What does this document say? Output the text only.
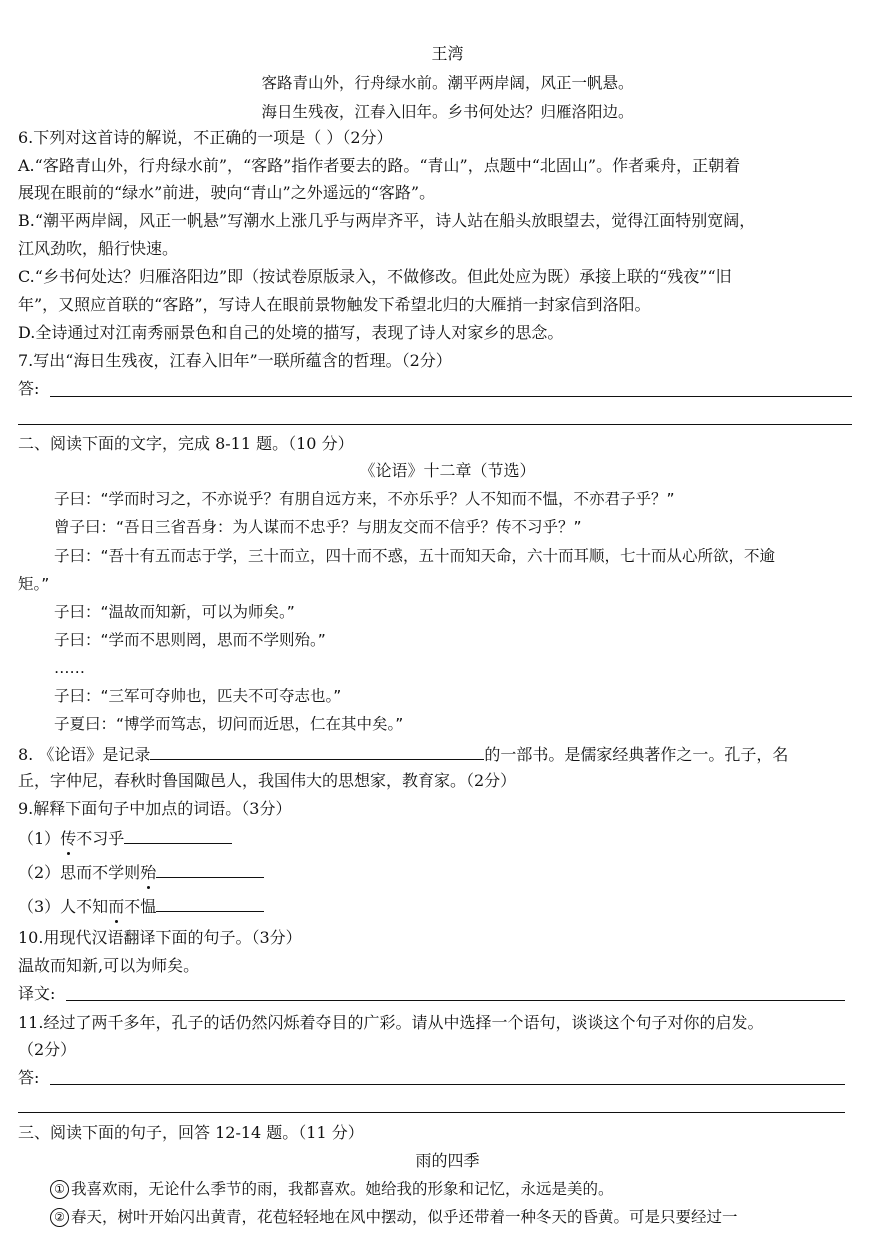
王湾
客路青山外，行舟绿水前。潮平两岸阔，风正一帆悬。
海日生残夜，江春入旧年。乡书何处达？归雁洛阳边。
6.下列对这首诗的解说，不正确的一项是（ ）（2分）
A.“客路青山外，行舟绿水前”，“客路”指作者要去的路。“青山”，点题中“北固山”。作者乘舟，正朝着
展现在眼前的“绿水”前进，驶向“青山”之外遥远的“客路”。
B.“潮平两岸阔，风正一帆悬”写潮水上涨几乎与两岸齐平，诗人站在船头放眼望去，觉得江面特别宽阔，
江风劲吹，船行快速。
C.“乡书何处达？归雁洛阳边”即（按试卷原版录入，不做修改。但此处应为既）承接上联的“残夜”“旧
年”，又照应首联的“客路”，写诗人在眼前景物触发下希望北归的大雁捎一封家信到洛阳。
D.全诗通过对江南秀丽景色和自己的处境的描写，表现了诗人对家乡的思念。
7.写出“海日生残夜，江春入旧年”一联所蕴含的哲理。（2分）
答:
二、阅读下面的文字，完成 8-11 题。（10 分）
《论语》十二章（节选）
子曰：“学而时习之，不亦说乎？有朋自远方来，不亦乐乎？人不知而不愠，不亦君子乎？”
曾子曰：“吾日三省吾身：为人谋而不忠乎？与朋友交而不信乎？传不习乎？”
子曰：“吾十有五而志于学，三十而立，四十而不惑，五十而知天命，六十而耳顺，七十而从心所欲，不逾
矩。”
子曰：“温故而知新，可以为师矣。”
子曰：“学而不思则罔，思而不学则殆。”
……
子曰：“三军可夺帅也，匹夫不可夺志也。”
子夏曰：“博学而笃志，切问而近思，仁在其中矣。”
8. 《论语》是记录	的一部书。是儒家经典著作之一。孔子，名
丘，字仲尼，春秋时鲁国陬邑人，我国伟大的思想家，教育家。（2分）
9.解释下面句子中加点的词语。（3分）
（1）传不习乎
（2）思而不学则殆
（3）人不知而不愠
10.用现代汉语翻译下面的句子。（3分）
温故而知新,可以为师矣。
译文:
11.经过了两千多年，孔子的话仍然闪烁着夺目的广彩。请从中选择一个语句，谈谈这个句子对你的启发。
（2分）
答:
三、阅读下面的句子，回答 12-14 题。（11 分）
雨的四季
① 我喜欢雨，无论什么季节的雨，我都喜欢。她给我的形象和记忆，永远是美的。
② 春天，树叶开始闪出黄青，花苞轻轻地在风中摆动，似乎还带着一种冬天的昏黄。可是只要经过一
